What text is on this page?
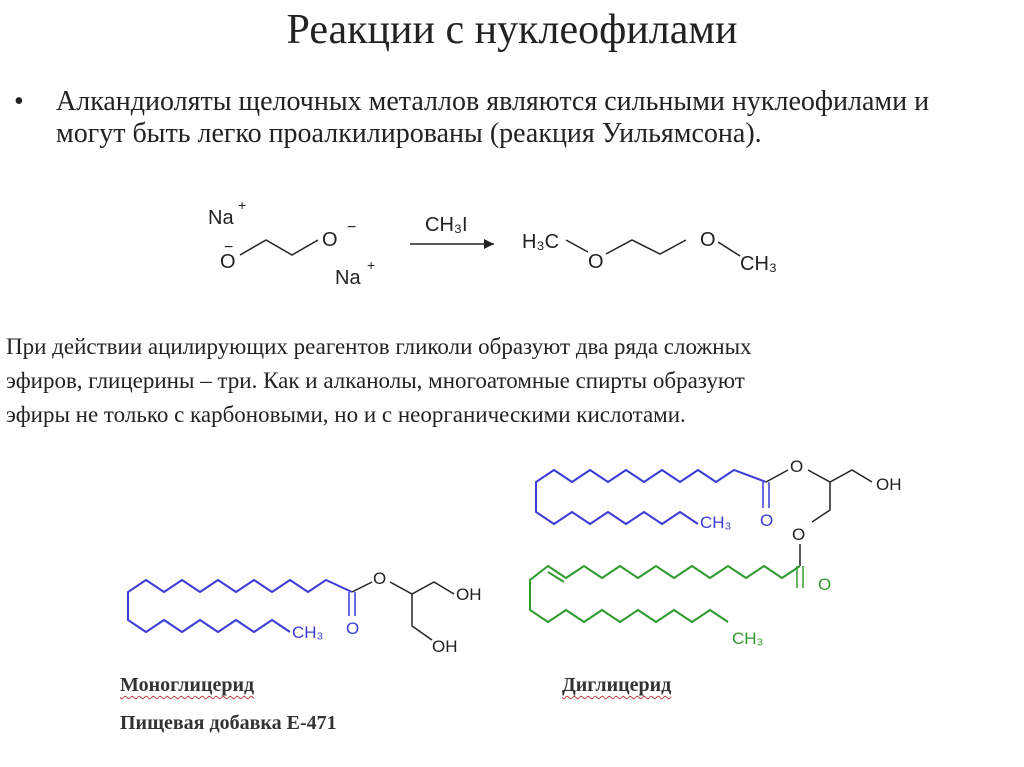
Реакции с нуклеофилами
• Алкандиоляты щелочных металлов являются сильными нуклеофилами и могут быть легко проалкилированы (реакция Уильямсона).
При действии ацилирующих реагентов гликоли образуют два ряда сложных
эфиров, глицерины – три. Как и алканолы, многоатомные спирты образуют
эфиры не только с карбоновыми, но и с неорганическими кислотами.
Na
+
O
−	O
−
Na
+
CH₃I
H₃C
O
O
CH₃
CH₃ O
O
OH
OH
CH₃ O
O
OH
O
CH₃
O
Моноглицерид
Пищевая добавка Е-471
Диглицерид
